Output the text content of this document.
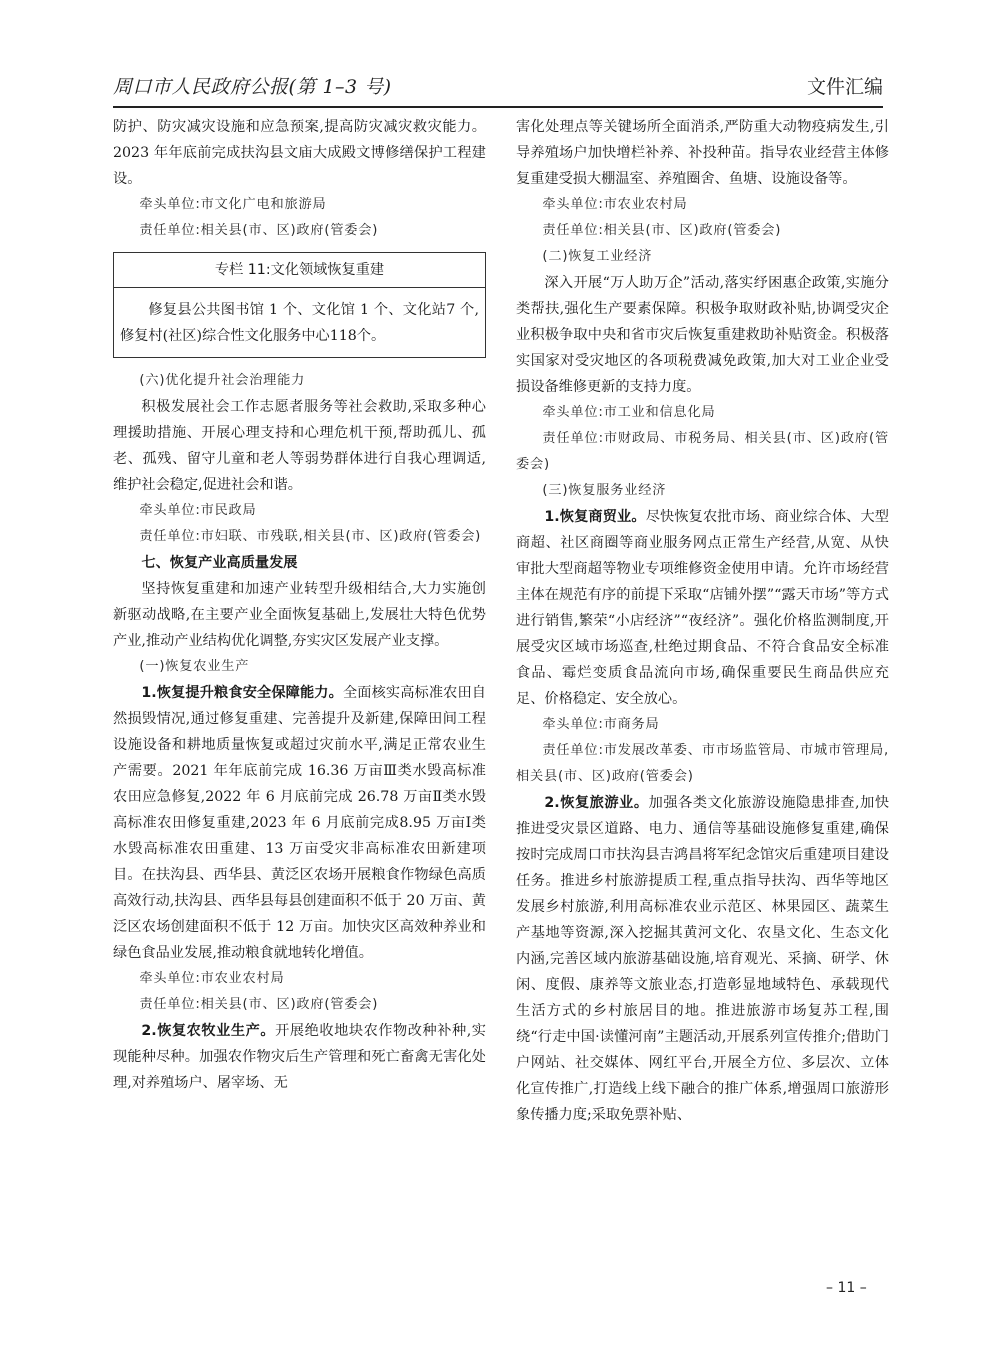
周口市人民政府公报(第 1–3 号)	文件汇编

防护、防灾减灾设施和应急预案,提高防灾减灾救灾能力。2023 年年底前完成扶沟县文庙大成殿文博修缮保护工程建设。

牵头单位:市文化广电和旅游局

责任单位:相关县(市、区)政府(管委会)

专栏 11:文化领域恢复重建
修复县公共图书馆 1 个、文化馆 1 个、文化站7 个,修复村(社区)综合性文化服务中心118个。

(六)优化提升社会治理能力

积极发展社会工作志愿者服务等社会救助,采取多种心理援助措施、开展心理支持和心理危机干预,帮助孤儿、孤老、孤残、留守儿童和老人等弱势群体进行自我心理调适,维护社会稳定,促进社会和谐。

牵头单位:市民政局

责任单位:市妇联、市残联,相关县(市、区)政府(管委会)

七、恢复产业高质量发展

坚持恢复重建和加速产业转型升级相结合,大力实施创新驱动战略,在主要产业全面恢复基础上,发展壮大特色优势产业,推动产业结构优化调整,夯实灾区发展产业支撑。

(一)恢复农业生产

1.恢复提升粮食安全保障能力。全面核实高标准农田自然损毁情况,通过修复重建、完善提升及新建,保障田间工程设施设备和耕地质量恢复或超过灾前水平,满足正常农业生产需要。2021 年年底前完成 16.36 万亩Ⅲ类水毁高标准农田应急修复,2022 年 6 月底前完成 26.78 万亩Ⅱ类水毁高标准农田修复重建,2023 年 6 月底前完成8.95 万亩Ⅰ类水毁高标准农田重建、13 万亩受灾非高标准农田新建项目。在扶沟县、西华县、黄泛区农场开展粮食作物绿色高质高效行动,扶沟县、西华县每县创建面积不低于 20 万亩、黄泛区农场创建面积不低于 12 万亩。加快灾区高效种养业和绿色食品业发展,推动粮食就地转化增值。

牵头单位:市农业农村局

责任单位:相关县(市、区)政府(管委会)

2.恢复农牧业生产。开展绝收地块农作物改种补种,实现能种尽种。加强农作物灾后生产管理和死亡畜禽无害化处理,对养殖场户、屠宰场、无

害化处理点等关键场所全面消杀,严防重大动物疫病发生,引导养殖场户加快增栏补养、补投种苗。指导农业经营主体修复重建受损大棚温室、养殖圈舍、鱼塘、设施设备等。

牵头单位:市农业农村局

责任单位:相关县(市、区)政府(管委会)

(二)恢复工业经济

深入开展“万人助万企”活动,落实纾困惠企政策,实施分类帮扶,强化生产要素保障。积极争取财政补贴,协调受灾企业积极争取中央和省市灾后恢复重建救助补贴资金。积极落实国家对受灾地区的各项税费减免政策,加大对工业企业受损设备维修更新的支持力度。

牵头单位:市工业和信息化局

责任单位:市财政局、市税务局、相关县(市、区)政府(管委会)

(三)恢复服务业经济

1.恢复商贸业。尽快恢复农批市场、商业综合体、大型商超、社区商圈等商业服务网点正常生产经营,从宽、从快审批大型商超等物业专项维修资金使用申请。允许市场经营主体在规范有序的前提下采取“店铺外摆”“露天市场”等方式进行销售,繁荣“小店经济”“夜经济”。强化价格监测制度,开展受灾区域市场巡查,杜绝过期食品、不符合食品安全标准食品、霉烂变质食品流向市场,确保重要民生商品供应充足、价格稳定、安全放心。

牵头单位:市商务局

责任单位:市发展改革委、市市场监管局、市城市管理局,相关县(市、区)政府(管委会)

2.恢复旅游业。加强各类文化旅游设施隐患排查,加快推进受灾景区道路、电力、通信等基础设施修复重建,确保按时完成周口市扶沟县吉鸿昌将军纪念馆灾后重建项目建设任务。推进乡村旅游提质工程,重点指导扶沟、西华等地区发展乡村旅游,利用高标准农业示范区、林果园区、蔬菜生产基地等资源,深入挖掘其黄河文化、农垦文化、生态文化内涵,完善区域内旅游基础设施,培育观光、采摘、研学、休闲、度假、康养等文旅业态,打造彰显地域特色、承载现代生活方式的乡村旅居目的地。推进旅游市场复苏工程,围绕“行走中国·读懂河南”主题活动,开展系列宣传推介;借助门户网站、社交媒体、网红平台,开展全方位、多层次、立体化宣传推广,打造线上线下融合的推广体系,增强周口旅游形象传播力度;采取免票补贴、

– 11 –
